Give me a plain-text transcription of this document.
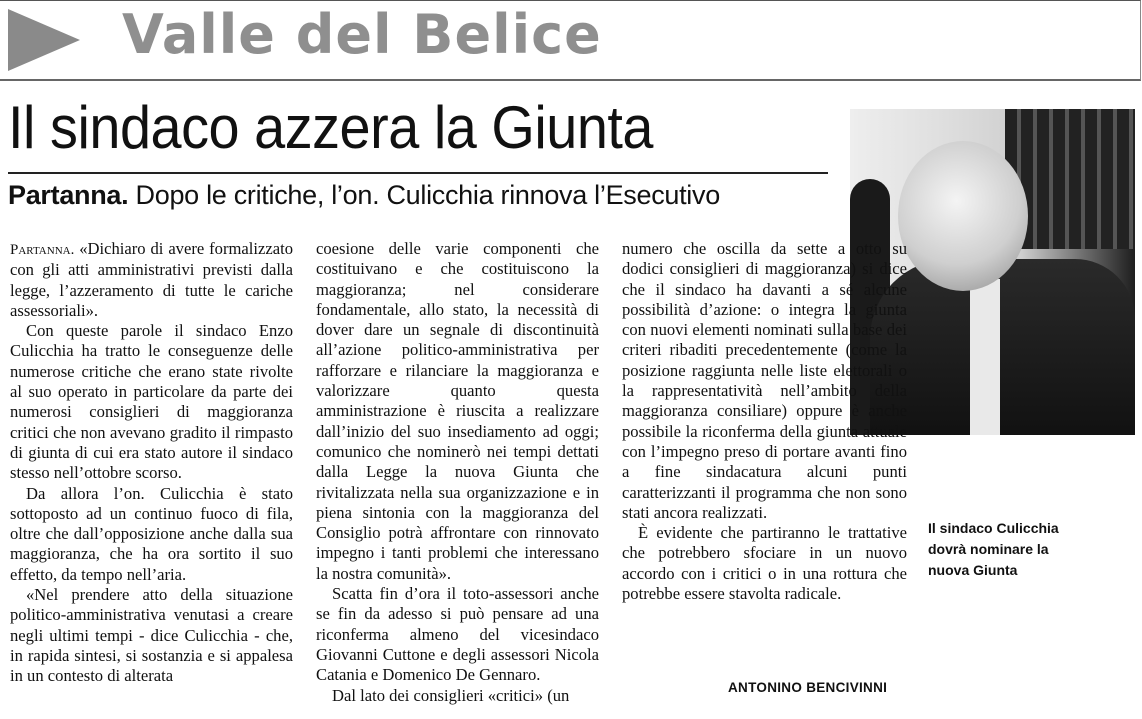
Valle del Belice
Il sindaco azzera la Giunta
Partanna. Dopo le critiche, l’on. Culicchia rinnova l’Esecutivo
Il sindaco Culicchia dovrà nominare la nuova Giunta

Partanna. «Dichiaro di avere formalizzato con gli atti amministrativi previsti dalla legge, l’azzeramento di tutte le cariche assessoriali».

Con queste parole il sindaco Enzo Culicchia ha tratto le conseguenze delle numerose critiche che erano state rivolte al suo operato in particolare da parte dei numerosi consiglieri di maggioranza critici che non avevano gradito il rimpasto di giunta di cui era stato autore il sindaco stesso nell’ottobre scorso.

Da allora l’on. Culicchia è stato sottoposto ad un continuo fuoco di fila, oltre che dall’opposizione anche dalla sua maggioranza, che ha ora sortito il suo effetto, da tempo nell’aria.

«Nel prendere atto della situazione politico-amministrativa venutasi a creare negli ultimi tempi - dice Culicchia - che, in rapida sintesi, si sostanzia e si appalesa in un contesto di alterata

coesione delle varie componenti che costituivano e che costituiscono la maggioranza; nel considerare fondamentale, allo stato, la necessità di dover dare un segnale di discontinuità all’azione politico-amministrativa per rafforzare e rilanciare la maggioranza e valorizzare quanto questa amministrazione è riuscita a realizzare dall’inizio del suo insediamento ad oggi; comunico che nominerò nei tempi dettati dalla Legge la nuova Giunta che rivitalizzata nella sua organizzazione e in piena sintonia con la maggioranza del Consiglio potrà affrontare con rinnovato impegno i tanti problemi che interessano la nostra comunità».

Scatta fin d’ora il toto-assessori anche se fin da adesso si può pensare ad una riconferma almeno del vicesindaco Giovanni Cuttone e degli assessori Nicola Catania e Domenico De Gennaro.

Dal lato dei consiglieri «critici» (un

numero che oscilla da sette a otto su dodici consiglieri di maggioranza) si dice che il sindaco ha davanti a sé alcune possibilità d’azione: o integra la giunta con nuovi elementi nominati sulla base dei criteri ribaditi precedentemente (come la posizione raggiunta nelle liste elettorali o la rappresentatività nell’ambito della maggioranza consiliare) oppure è anche possibile la riconferma della giunta attuale con l’impegno preso di portare avanti fino a fine sindacatura alcuni punti caratterizzanti il programma che non sono stati ancora realizzati.

È evidente che partiranno le trattative che potrebbero sfociare in un nuovo accordo con i critici o in una rottura che potrebbe essere stavolta radicale.

ANTONINO BENCIVINNI
